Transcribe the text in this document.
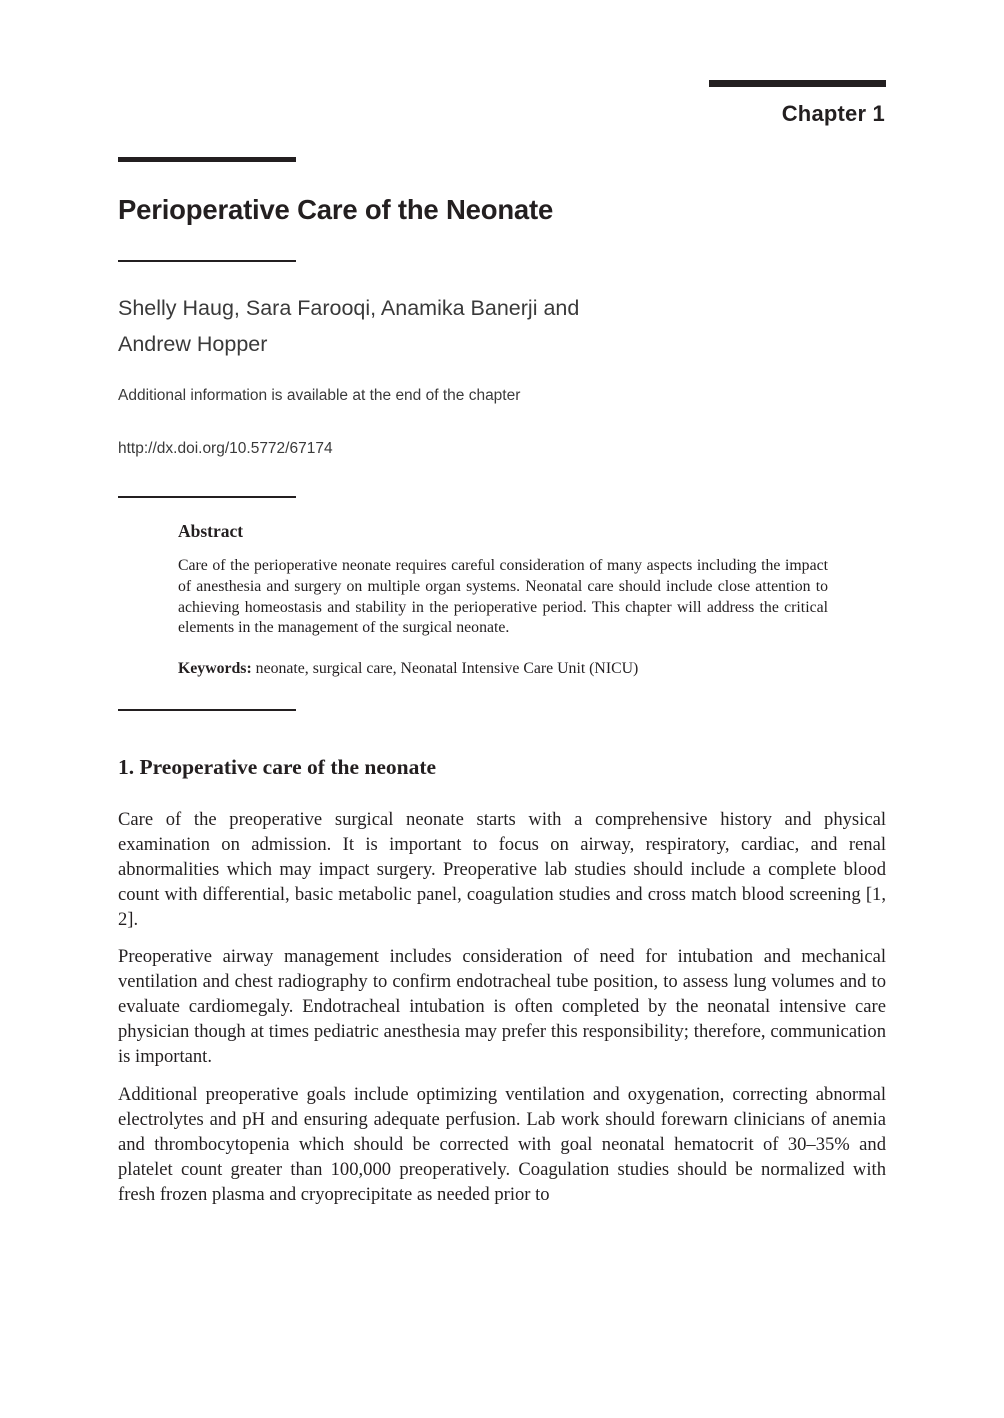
Chapter 1
Perioperative Care of the Neonate
Shelly Haug, Sara Farooqi, Anamika Banerji and
Andrew Hopper
Additional information is available at the end of the chapter
http://dx.doi.org/10.5772/67174
Abstract

Care of the perioperative neonate requires careful consideration of many aspects including the impact of anesthesia and surgery on multiple organ systems. Neonatal care should include close attention to achieving homeostasis and stability in the perioperative period. This chapter will address the critical elements in the management of the surgical neonate.

Keywords: neonate, surgical care, Neonatal Intensive Care Unit (NICU)

1. Preoperative care of the neonate

Care of the preoperative surgical neonate starts with a comprehensive history and physical examination on admission. It is important to focus on airway, respiratory, cardiac, and renal abnormalities which may impact surgery. Preoperative lab studies should include a complete blood count with differential, basic metabolic panel, coagulation studies and cross match blood screening [1, 2].

Preoperative airway management includes consideration of need for intubation and mechanical ventilation and chest radiography to confirm endotracheal tube position, to assess lung volumes and to evaluate cardiomegaly. Endotracheal intubation is often completed by the neonatal intensive care physician though at times pediatric anesthesia may prefer this responsibility; therefore, communication is important.

Additional preoperative goals include optimizing ventilation and oxygenation, correcting abnormal electrolytes and pH and ensuring adequate perfusion. Lab work should forewarn clinicians of anemia and thrombocytopenia which should be corrected with goal neonatal hematocrit of 30–35% and platelet count greater than 100,000 preoperatively. Coagulation studies should be normalized with fresh frozen plasma and cryoprecipitate as needed prior to
